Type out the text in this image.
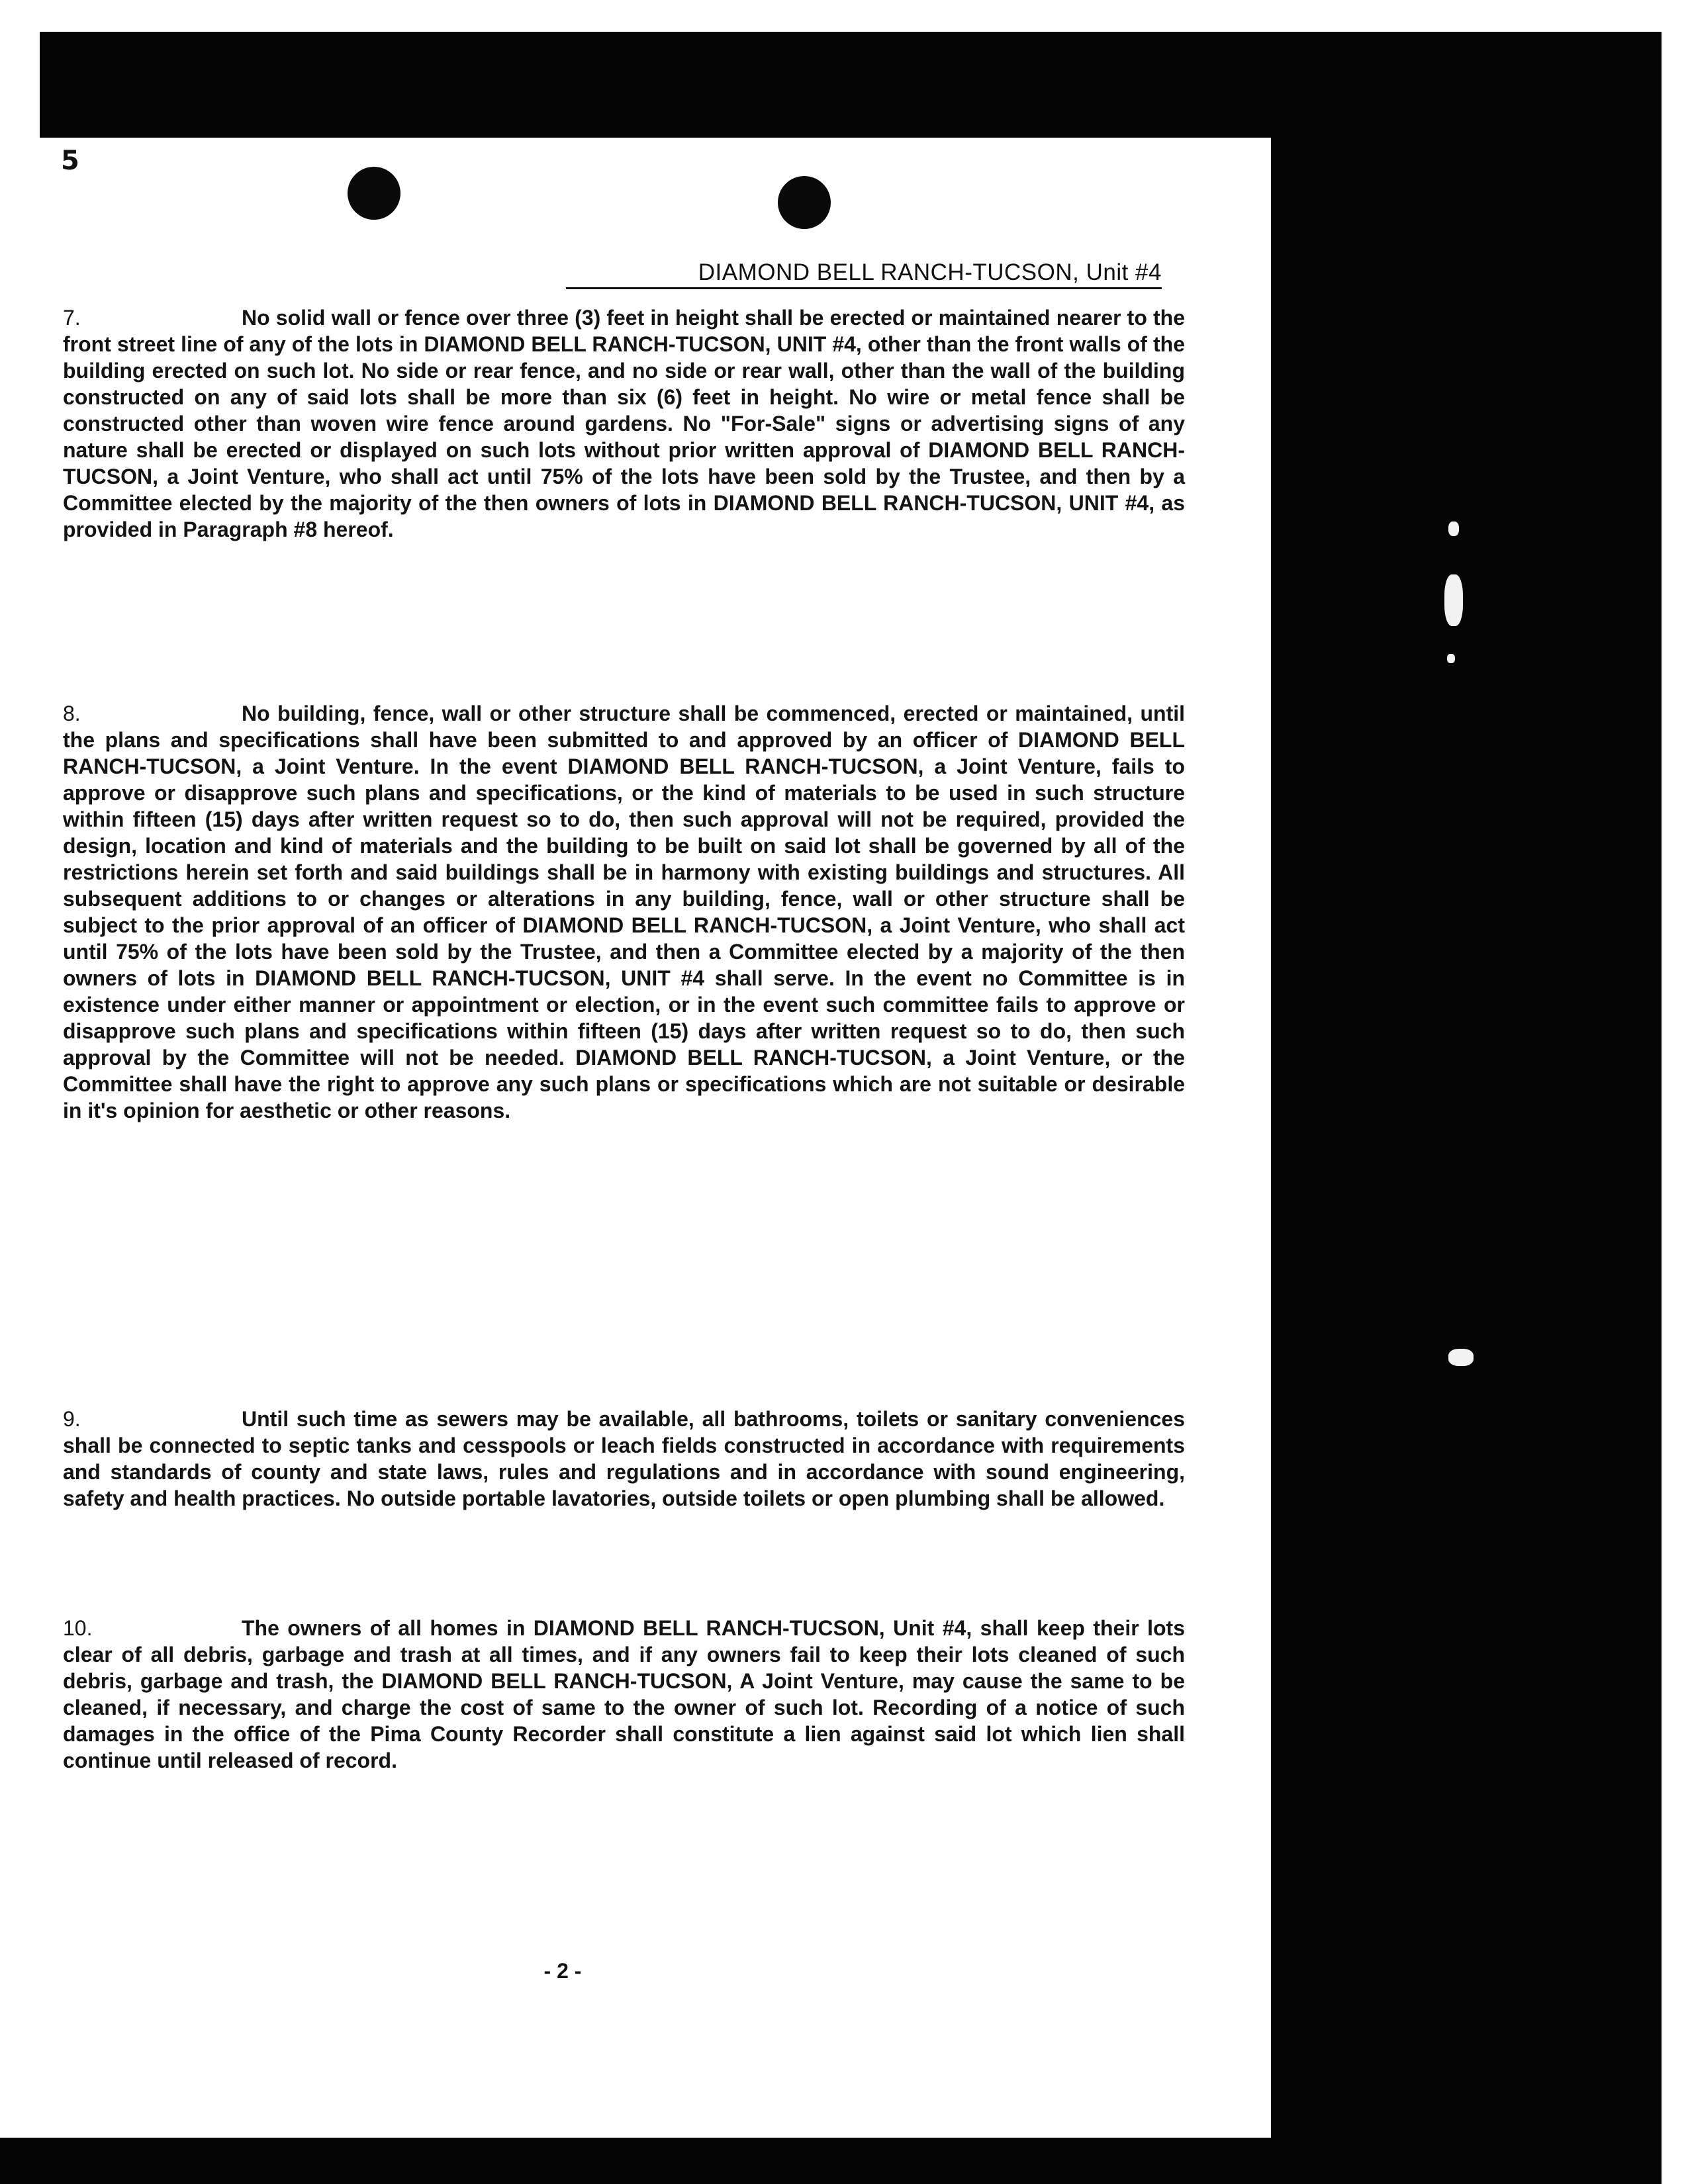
5
DIAMOND BELL RANCH-TUCSON, Unit #4

7.	No solid wall or fence over three (3) feet in height shall be erected or maintained nearer to the front street line of any of the lots in DIAMOND BELL RANCH-TUCSON, UNIT #4, other than the front walls of the building erected on such lot. No side or rear fence, and no side or rear wall, other than the wall of the building constructed on any of said lots shall be more than six (6) feet in height. No wire or metal fence shall be constructed other than woven wire fence around gardens. No "For-Sale" signs or advertising signs of any nature shall be erected or displayed on such lots without prior written approval of DIAMOND BELL RANCH-TUCSON, a Joint Venture, who shall act until 75% of the lots have been sold by the Trustee, and then by a Committee elected by the majority of the then owners of lots in DIAMOND BELL RANCH-TUCSON, UNIT #4, as provided in Paragraph #8 hereof.

8.	No building, fence, wall or other structure shall be commenced, erected or maintained, until the plans and specifications shall have been submitted to and approved by an officer of DIAMOND BELL RANCH-TUCSON, a Joint Venture. In the event DIAMOND BELL RANCH-TUCSON, a Joint Venture, fails to approve or disapprove such plans and specifications, or the kind of materials to be used in such structure within fifteen (15) days after written request so to do, then such approval will not be required, provided the design, location and kind of materials and the building to be built on said lot shall be governed by all of the restrictions herein set forth and said buildings shall be in harmony with existing buildings and structures. All subsequent additions to or changes or alterations in any building, fence, wall or other structure shall be subject to the prior approval of an officer of DIAMOND BELL RANCH-TUCSON, a Joint Venture, who shall act until 75% of the lots have been sold by the Trustee, and then a Committee elected by a majority of the then owners of lots in DIAMOND BELL RANCH-TUCSON, UNIT #4 shall serve. In the event no Committee is in existence under either manner or appointment or election, or in the event such committee fails to approve or disapprove such plans and specifications within fifteen (15) days after written request so to do, then such approval by the Committee will not be needed. DIAMOND BELL RANCH-TUCSON, a Joint Venture, or the Committee shall have the right to approve any such plans or specifications which are not suitable or desirable in it's opinion for aesthetic or other reasons.

9.	Until such time as sewers may be available, all bathrooms, toilets or sanitary conveniences shall be connected to septic tanks and cesspools or leach fields constructed in accordance with requirements and standards of county and state laws, rules and regulations and in accordance with sound engineering, safety and health practices. No outside portable lavatories, outside toilets or open plumbing shall be allowed.

10.	The owners of all homes in DIAMOND BELL RANCH-TUCSON, Unit #4, shall keep their lots clear of all debris, garbage and trash at all times, and if any owners fail to keep their lots cleaned of such debris, garbage and trash, the DIAMOND BELL RANCH-TUCSON, A Joint Venture, may cause the same to be cleaned, if necessary, and charge the cost of same to the owner of such lot. Recording of a notice of such damages in the office of the Pima County Recorder shall constitute a lien against said lot which lien shall continue until released of record.

- 2 -
